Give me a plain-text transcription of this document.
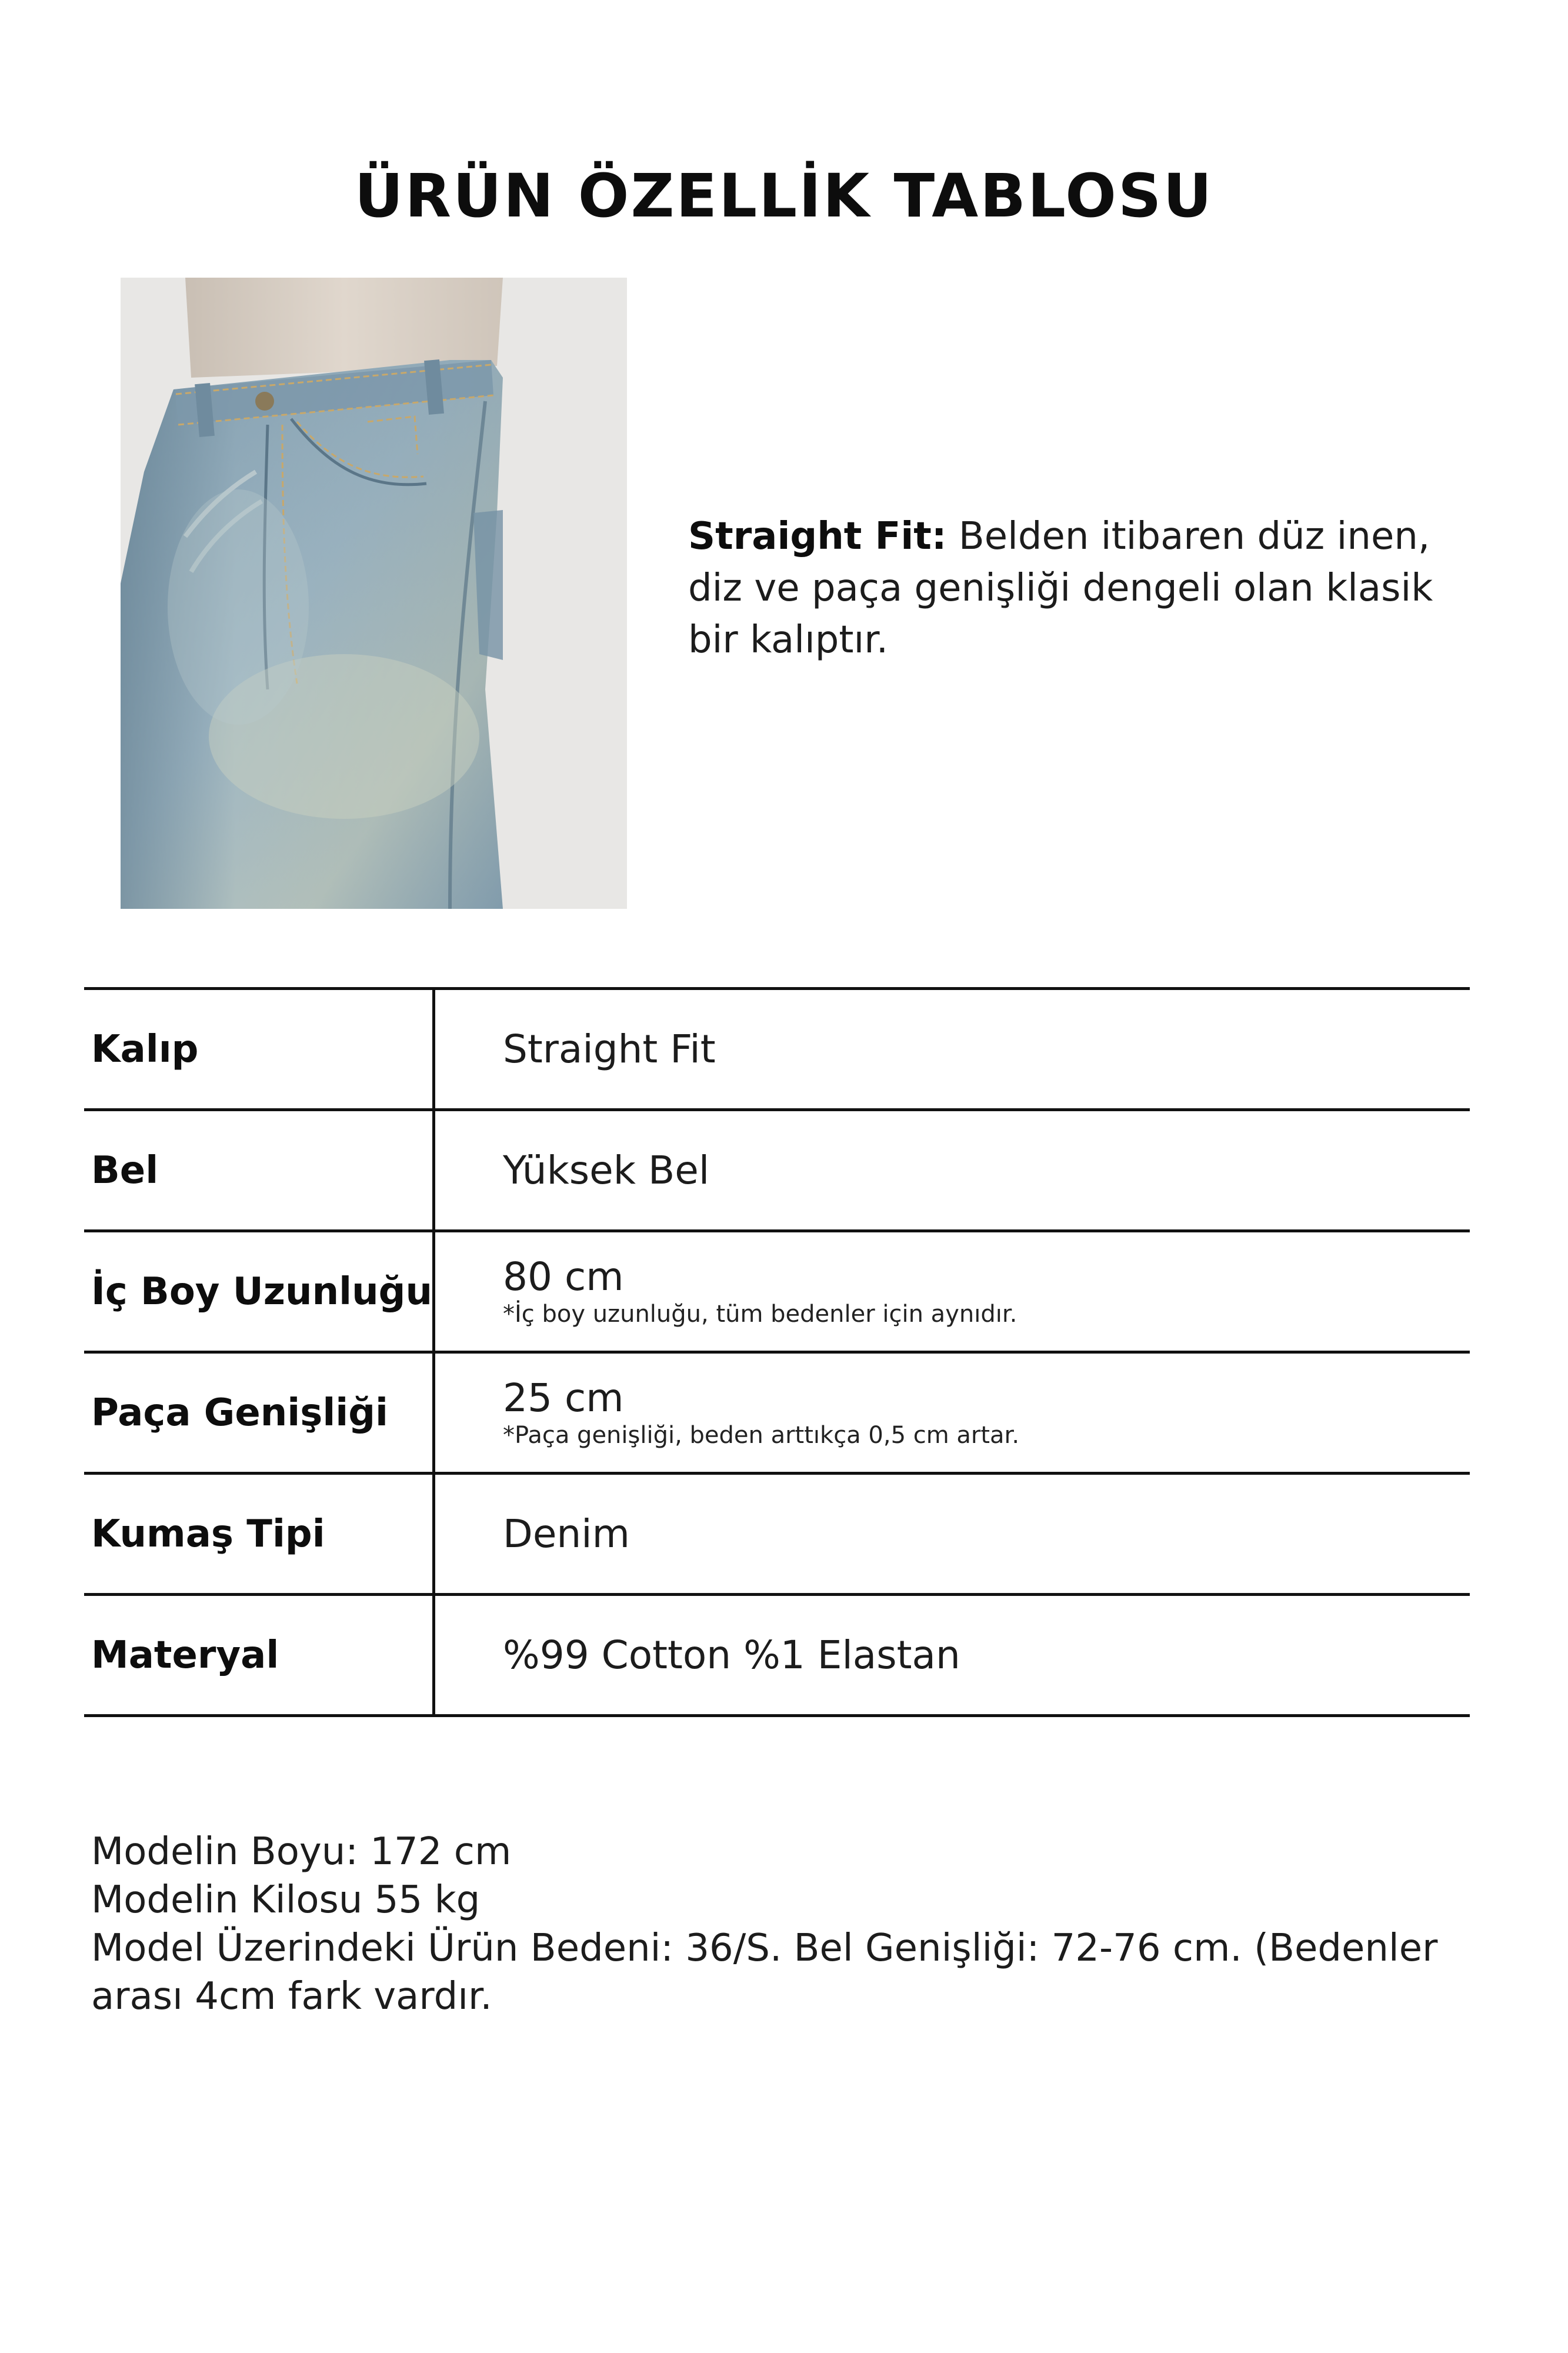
ÜRÜN ÖZELLİK TABLOSU
Straight Fit: Belden itibaren düz inen, diz ve paça genişliği dengeli olan klasik bir kalıptır.
Kalıp	Straight Fit
Bel	Yüksek Bel
İç Boy Uzunluğu 80 cm
*İç boy uzunluğu, tüm bedenler için aynıdır.
Paça Genişliği	25 cm
*Paça genişliği, beden arttıkça 0,5 cm artar.
Kumaş Tipi	Denim
Materyal	%99 Cotton %1 Elastan
Modelin Boyu: 172 cm
Modelin Kilosu 55 kg
Model Üzerindeki Ürün Bedeni: 36/S. Bel Genişliği: 72-76 cm. (Bedenler arası 4cm fark vardır.
